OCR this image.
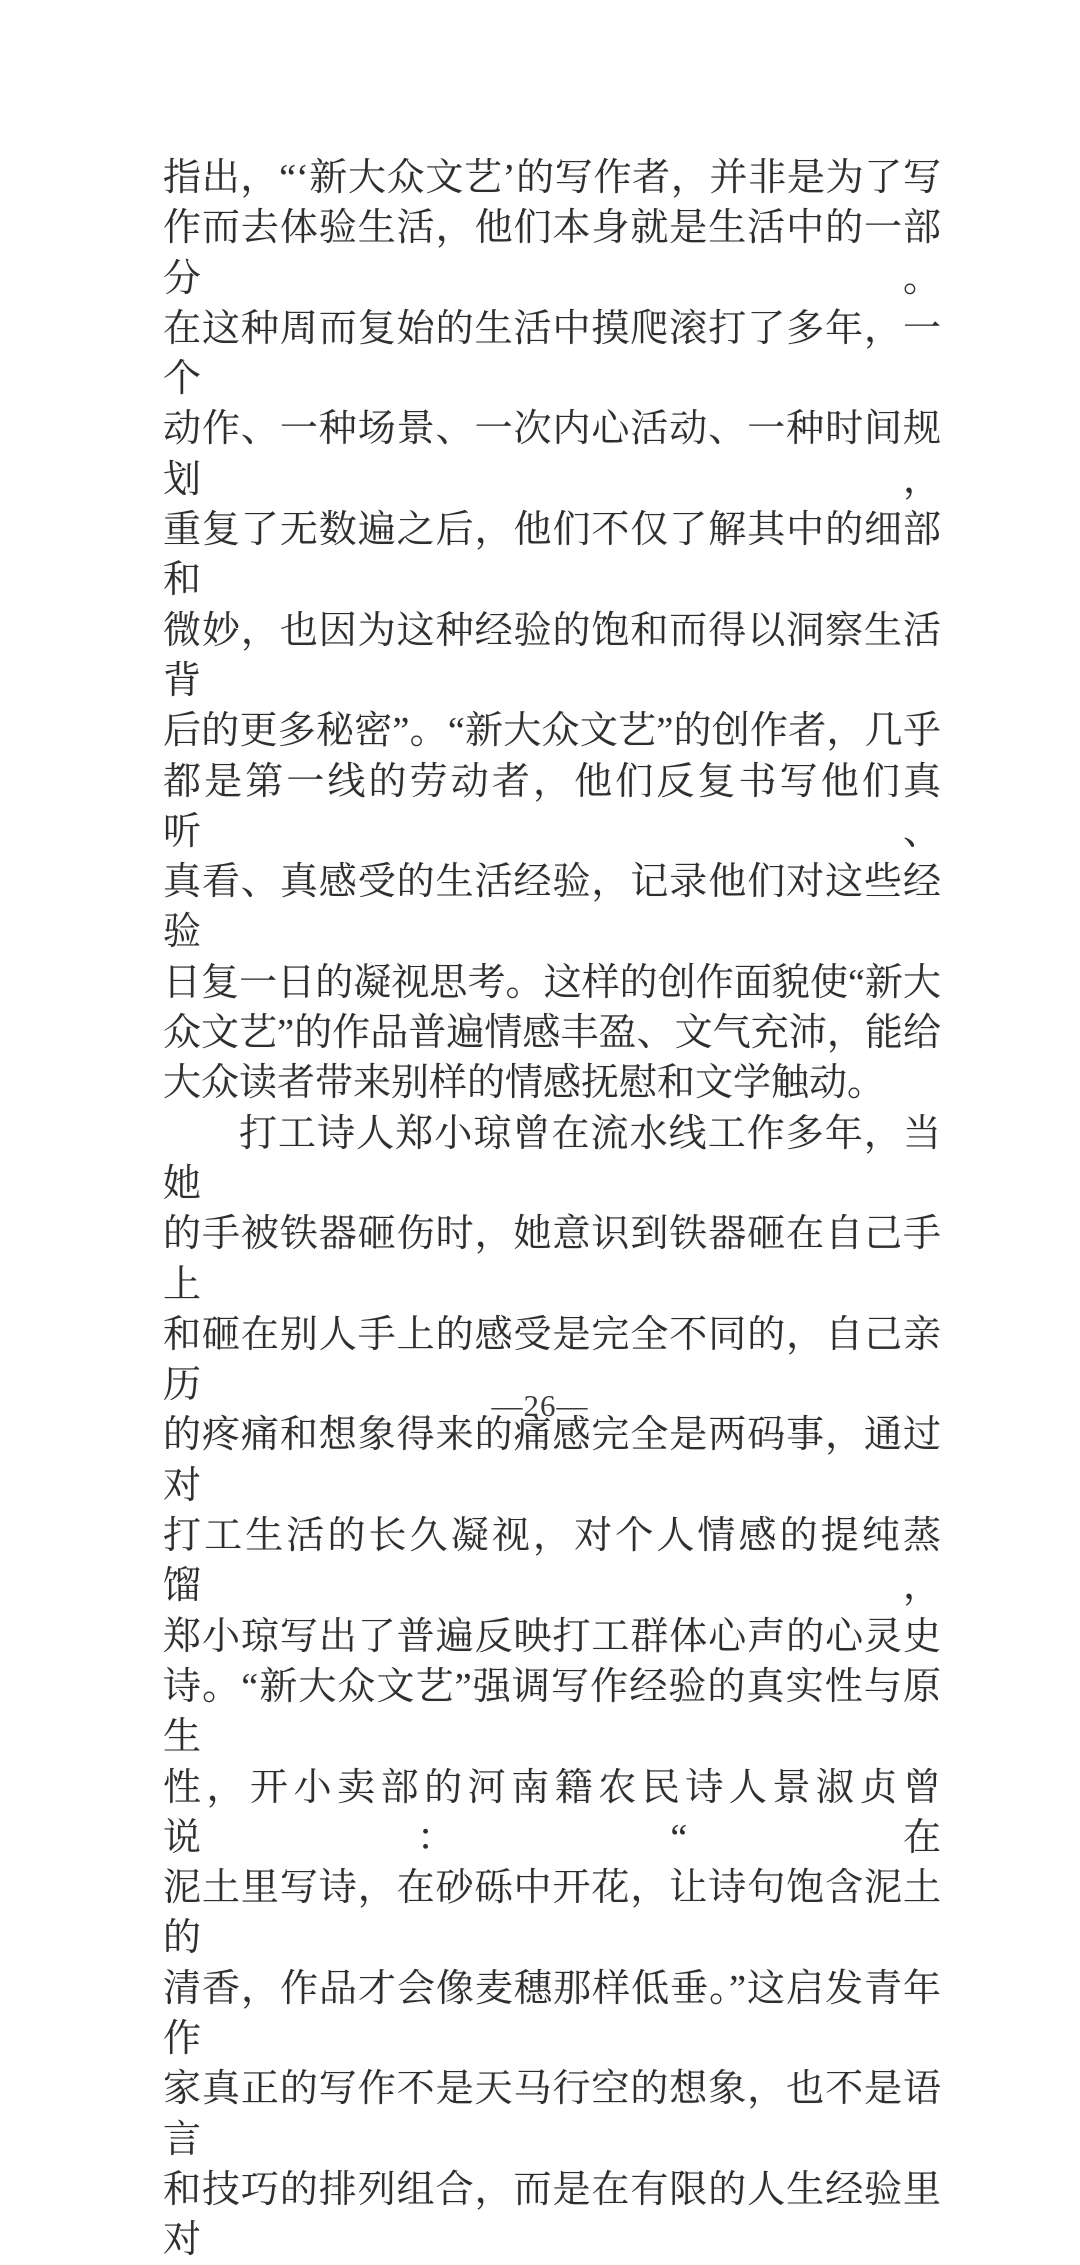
指出，“‘新大众文艺’的写作者，并非是为了写
作而去体验生活，他们本身就是生活中的一部分。
在这种周而复始的生活中摸爬滚打了多年，一个
动作、一种场景、一次内心活动、一种时间规划，
重复了无数遍之后，他们不仅了解其中的细部和
微妙，也因为这种经验的饱和而得以洞察生活背
后的更多秘密”。“新大众文艺”的创作者，几乎
都是第一线的劳动者，他们反复书写他们真听、
真看、真感受的生活经验，记录他们对这些经验
日复一日的凝视思考。这样的创作面貌使“新大
众文艺”的作品普遍情感丰盈、文气充沛，能给
大众读者带来别样的情感抚慰和文学触动。
打工诗人郑小琼曾在流水线工作多年，当她
的手被铁器砸伤时，她意识到铁器砸在自己手上
和砸在别人手上的感受是完全不同的，自己亲历
的疼痛和想象得来的痛感完全是两码事，通过对
打工生活的长久凝视，对个人情感的提纯蒸馏，
郑小琼写出了普遍反映打工群体心声的心灵史
诗。“新大众文艺”强调写作经验的真实性与原生
性，开小卖部的河南籍农民诗人景淑贞曾说：“在
泥土里写诗，在砂砾中开花，让诗句饱含泥土的
清香，作品才会像麦穗那样低垂。”这启发青年作
家真正的写作不是天马行空的想象，也不是语言
和技巧的排列组合，而是在有限的人生经验里对
—26—
